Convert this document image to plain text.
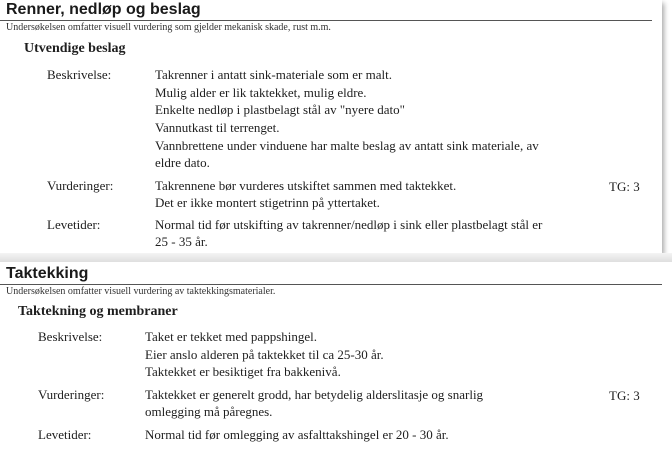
Renner, nedløp og beslag
Undersøkelsen omfatter visuell vurdering som gjelder mekanisk skade, rust m.m.
Utvendige beslag
Beskrivelse:	Takrenner i antatt sink-materiale som er malt.
Mulig alder er lik taktekket, mulig eldre.
Enkelte nedløp i plastbelagt stål av "nyere dato"
Vannutkast til terrenget.
Vannbrettene under vinduene har malte beslag av antatt sink materiale, av
eldre dato.
Vurderinger:	Takrennene bør vurderes utskiftet sammen med taktekket.
Det er ikke montert stigetrinn på yttertaket.
TG: 3
Levetider:	Normal tid før utskifting av takrenner/nedløp i sink eller plastbelagt stål er
25 - 35 år.
Taktekking
Undersøkelsen omfatter visuell vurdering av taktekkingsmaterialer.
Taktekning og membraner
Beskrivelse:	Taket er tekket med pappshingel.
Eier anslo alderen på taktekket til ca 25-30 år.
Taktekket er besiktiget fra bakkenivå.
Vurderinger:	Taktekket er generelt grodd, har betydelig alderslitasje og snarlig
omlegging må påregnes.
TG: 3
Levetider:	Normal tid før omlegging av asfalttakshingel er 20 - 30 år.
